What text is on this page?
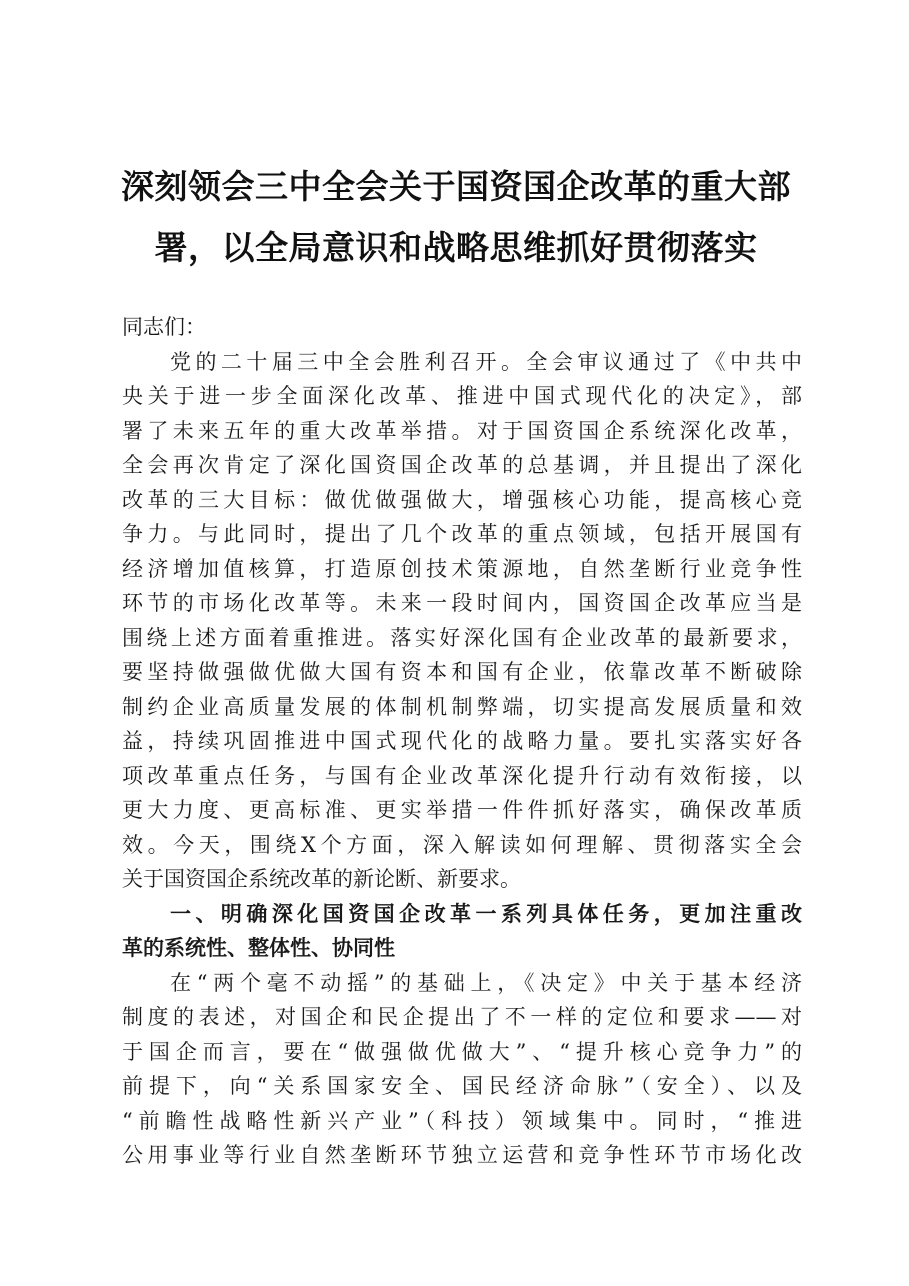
深刻领会三中全会关于国资国企改革的重大部
署，以全局意识和战略思维抓好贯彻落实
同志们：
党的二十届三中全会胜利召开。全会审议通过了《中共中
央关于进一步全面深化改革、推进中国式现代化的决定》，部
署了未来五年的重大改革举措。对于国资国企系统深化改革，
全会再次肯定了深化国资国企改革的总基调，并且提出了深化
改革的三大目标：做优做强做大，增强核心功能，提高核心竞
争力。与此同时，提出了几个改革的重点领域，包括开展国有
经济增加值核算，打造原创技术策源地，自然垄断行业竞争性
环节的市场化改革等。未来一段时间内，国资国企改革应当是
围绕上述方面着重推进。落实好深化国有企业改革的最新要求，
要坚持做强做优做大国有资本和国有企业，依靠改革不断破除
制约企业高质量发展的体制机制弊端，切实提高发展质量和效
益，持续巩固推进中国式现代化的战略力量。要扎实落实好各
项改革重点任务，与国有企业改革深化提升行动有效衔接，以
更大力度、更高标准、更实举措一件件抓好落实，确保改革质
效。今天，围绕X个方面，深入解读如何理解、贯彻落实全会
关于国资国企系统改革的新论断、新要求。
一、明确深化国资国企改革一系列具体任务，更加注重改
革的系统性、整体性、协同性
在“两个毫不动摇”的基础上，《决定》中关于基本经济
制度的表述，对国企和民企提出了不一样的定位和要求——对
于国企而言，要在“做强做优做大”、“提升核心竞争力”的
前提下，向“关系国家安全、国民经济命脉”（安全）、以及
“前瞻性战略性新兴产业”（科技）领域集中。同时，“推进
公用事业等行业自然垄断环节独立运营和竞争性环节市场化改
